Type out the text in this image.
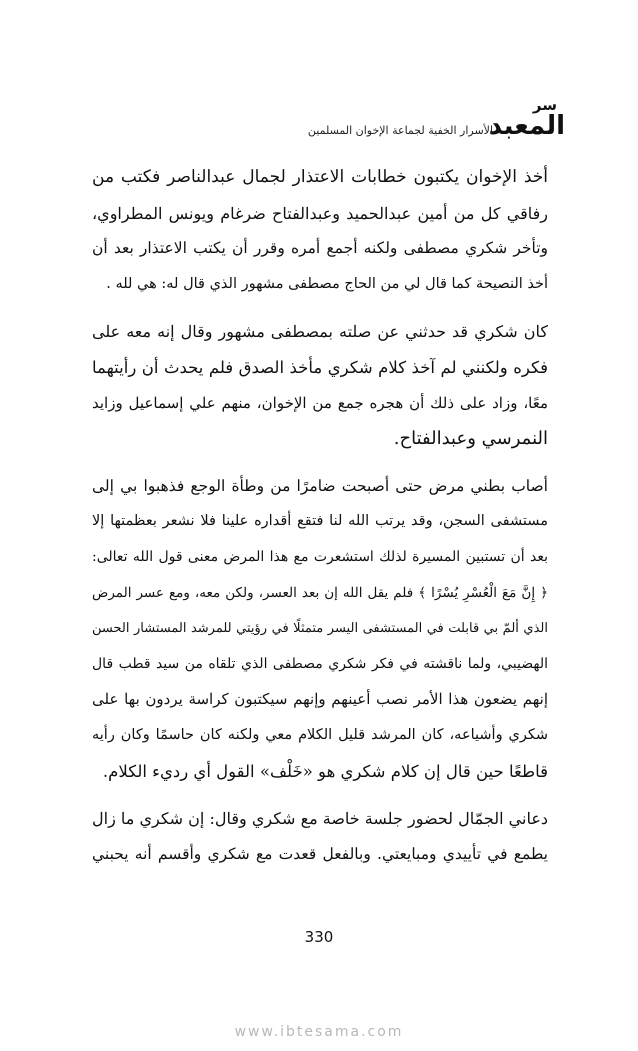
سر
المعبد
الأسرار الخفية لجماعة الإخوان المسلمين

أخذ الإخوان يكتبون خطابات الاعتذار لجمال عبدالناصر فكتب من
رفاقي كل من أمين عبدالحميد وعبدالفتاح ضرغام ويونس المطراوي،
وتأخر شكري مصطفى ولكنه أجمع أمره وقرر أن يكتب الاعتذار بعد أن
أخذ النصيحة كما قال لي من الحاج مصطفى مشهور الذي قال له: هي لله .

كان شكري قد حدثني عن صلته بمصطفى مشهور وقال إنه معه على
فكره ولكنني لم آخذ كلام شكري مأخذ الصدق فلم يحدث أن رأيتهما
معًا، وزاد على ذلك أن هجره جمع من الإخوان، منهم علي إسماعيل وزايد
النمرسي وعبدالفتاح.

أصاب بطني مرض حتى أصبحت ضامرًا من وطأة الوجع فذهبوا بي إلى
مستشفى السجن، وقد يرتب الله لنا فتقع أقداره علينا فلا نشعر بعظمتها إلا
بعد أن تستبين المسيرة لذلك استشعرت مع هذا المرض معنى قول الله تعالى:
﴿ إِنَّ مَعَ الْعُسْرِ يُسْرًا ﴾ فلم يقل الله إن بعد العسر، ولكن معه، ومع عسر المرض
الذي ألمّ بي قابلت في المستشفى اليسر متمثلًا في رؤيتي للمرشد المستشار الحسن
الهضيبي، ولما ناقشته في فكر شكري مصطفى الذي تلقاه من سيد قطب قال
إنهم يضعون هذا الأمر نصب أعينهم وإنهم سيكتبون كراسة يردون بها على
شكري وأشياعه، كان المرشد قليل الكلام معي ولكنه كان حاسمًا وكان رأيه
قاطعًا حين قال إن كلام شكري هو «خَلْف» القول أي رديء الكلام.

دعاني الجمّال لحضور جلسة خاصة مع شكري وقال: إن شكري ما زال
يطمع في تأييدي ومبايعتي. وبالفعل قعدت مع شكري وأقسم أنه يحبني

330
www.ibtesama.com
